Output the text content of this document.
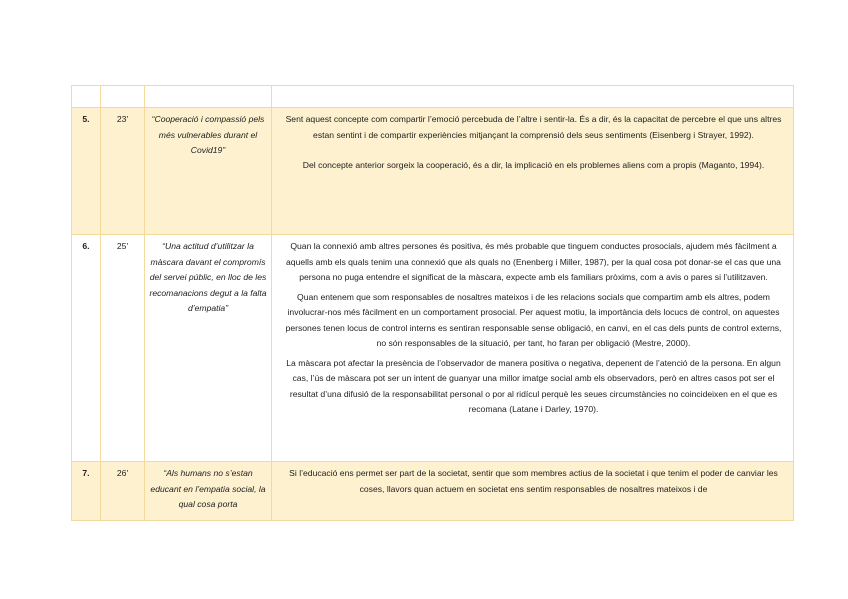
5.	23'	“Cooperació i compassió pels més vulnerables durant el Covid19”	Sent aquest concepte com compartir l’emoció percebuda de l’altre i sentir-la. És a dir, és la capacitat de percebre el que uns altres estan sentint i de compartir experiències mitjançant la comprensió dels seus sentiments (Eisenberg i Strayer, 1992).

Del concepte anterior sorgeix la cooperació, és a dir, la implicació en els problemes aliens com a propis (Maganto, 1994).

6.	25'	“Una actitud d’utilitzar la màscara davant el compromís del servei públic, en lloc de les recomanacions degut a la falta d’empatia”	Quan la connexió amb altres persones és positiva, és més probable que tinguem conductes prosocials, ajudem més fàcilment a aquells amb els quals tenim una connexió que als quals no (Enenberg i Miller, 1987), per la qual cosa pot donar-se el cas que una persona no puga entendre el significat de la màscara, expecte amb els familiars pròxims, com a avis o pares si l’utilitzaven.

Quan entenem que som responsables de nosaltres mateixos i de les relacions socials que compartim amb els altres, podem involucrar-nos més fàcilment en un comportament prosocial. Per aquest motiu, la importància dels locucs de control, on aquestes persones tenen locus de control interns es sentiran responsable sense obligació, en canvi, en el cas dels punts de control externs, no són responsables de la situació, per tant, ho faran per obligació (Mestre, 2000).

La màscara pot afectar la presència de l’observador de manera positiva o negativa, depenent de l’atenció de la persona. En algun cas, l’ús de màscara pot ser un intent de guanyar una millor imatge social amb els observadors, però en altres casos pot ser el resultat d’una difusió de la responsabilitat personal o por al ridícul perquè les seues circumstàncies no coincideixen en el que es recomana (Latane i Darley, 1970).

7.	26'	“Als humans no s’estan educant en l’empatia social, la qual cosa porta	Si l’educació ens permet ser part de la societat, sentir que som membres actius de la societat i que tenim el poder de canviar les coses, llavors quan actuem en societat ens sentim responsables de nosaltres mateixos i de
